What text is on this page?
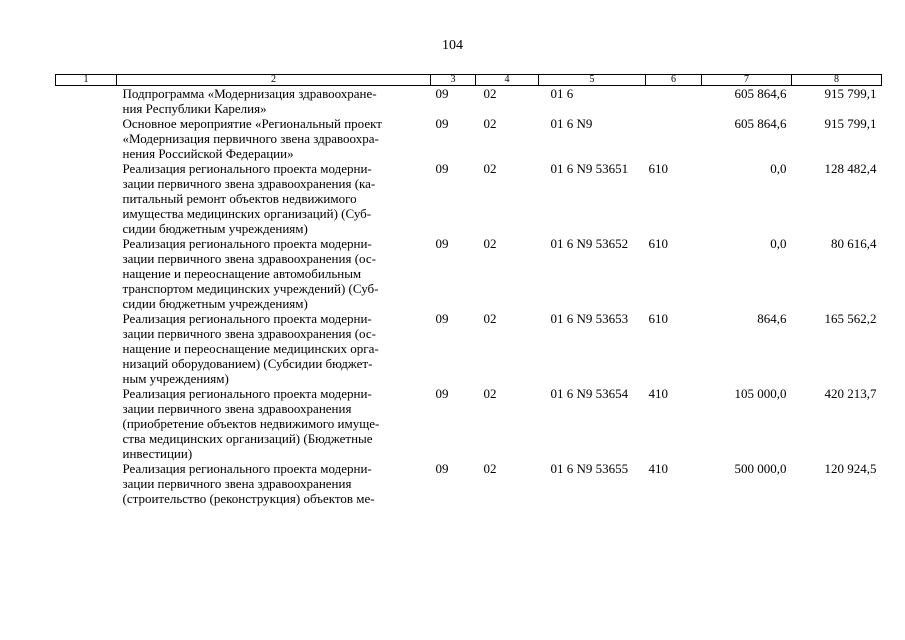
104
1	2	3	4	5	6	7	8

	Подпрограмма «Модернизация здравоохране-
ния Республики Карелия»	09	02	01 6		605 864,6	915 799,1

	Основное мероприятие «Региональный проект
«Модернизация первичного звена здравоохра-
нения Российской Федерации»	09	02	01 6 N9		605 864,6	915 799,1

	Реализация регионального проекта модерни-
зации первичного звена здравоохранения (ка-
питальный ремонт объектов недвижимого
имущества медицинских организаций) (Суб-
сидии бюджетным учреждениям)	09	02	01 6 N9 53651	610	0,0	128 482,4

	Реализация регионального проекта модерни-
зации первичного звена здравоохранения (ос-
нащение и переоснащение автомобильным
транспортом медицинских учреждений) (Суб-
сидии бюджетным учреждениям)	09	02	01 6 N9 53652	610	0,0	80 616,4

	Реализация регионального проекта модерни-
зации первичного звена здравоохранения (ос-
нащение и переоснащение медицинских орга-
низаций оборудованием) (Субсидии бюджет-
ным учреждениям)	09	02	01 6 N9 53653	610	864,6	165 562,2

	Реализация регионального проекта модерни-
зации первичного звена здравоохранения
(приобретение объектов недвижимого имуще-
ства медицинских организаций) (Бюджетные
инвестиции)	09	02	01 6 N9 53654	410	105 000,0	420 213,7

	Реализация регионального проекта модерни-
зации первичного звена здравоохранения
(строительство (реконструкция) объектов ме-	09	02	01 6 N9 53655	410	500 000,0	120 924,5
